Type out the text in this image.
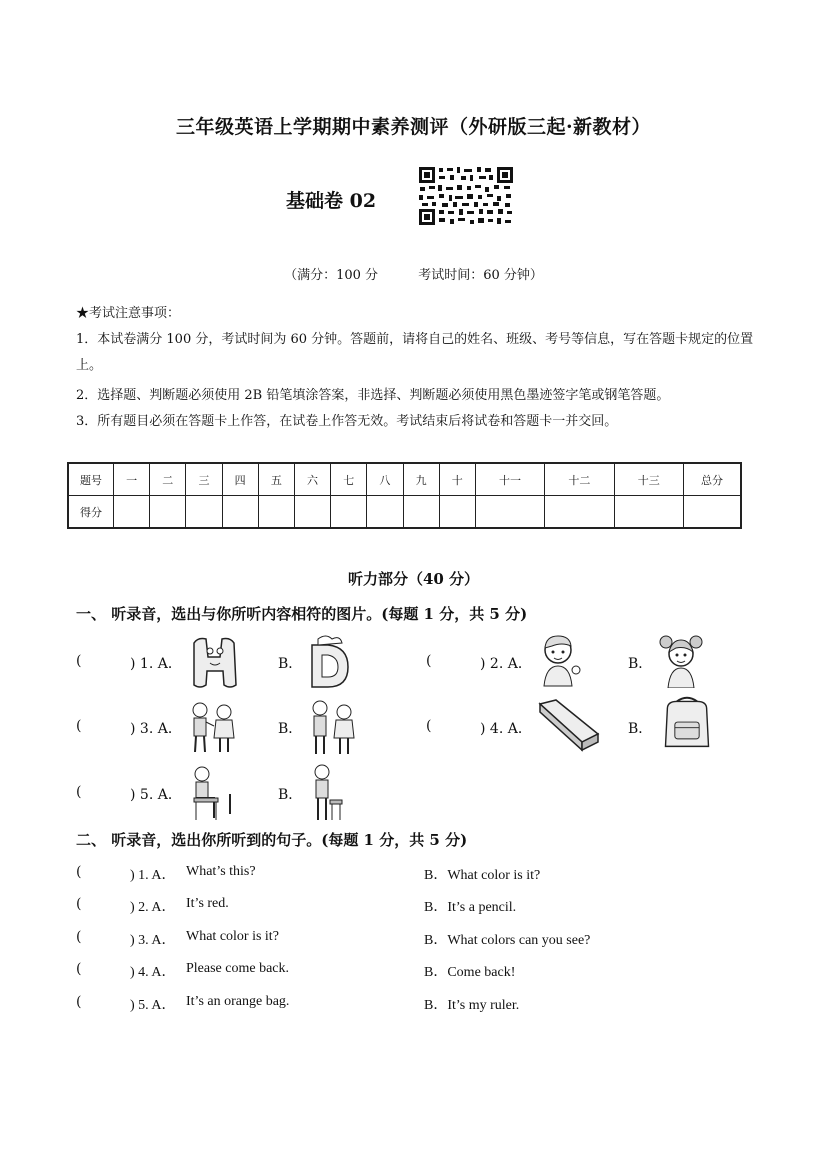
三年级英语上学期期中素养测评（外研版三起·新教材）
基础卷 02
（满分：100 分	考试时间：60 分钟）
★考试注意事项：
1．本试卷满分 100 分，考试时间为 60 分钟。答题前，请将自己的姓名、班级、考号等信息，写在答题卡规定的位置上。
2．选择题、判断题必须使用 2B 铅笔填涂答案，非选择、判断题必须使用黑色墨迹签字笔或钢笔答题。
3．所有题目必须在答题卡上作答，在试卷上作答无效。考试结束后将试卷和答题卡一并交回。
题号	一	二	三	四	五	六	七	八	九	十	十一	十二	十三	总分
得分														
听力部分（40 分）
一、 听录音，选出与你所听内容相符的图片。(每题 1 分，共 5 分)
(	) 1. A．	B．	(	) 2. A．	B．
(	) 3. A．	B．	(	) 4. A．	B．
(	) 5. A．	B．
二、 听录音，选出你所听到的句子。(每题 1 分，共 5 分)
(	) 1. A． What’s this?	B．What color is it?
(	) 2. A． It’s red.	B．It’s a pencil.
(	) 3. A． What color is it?	B．What colors can you see?
(	) 4. A． Please come back.	B．Come back!
(	) 5. A． It’s an orange bag.	B．It’s my ruler.
